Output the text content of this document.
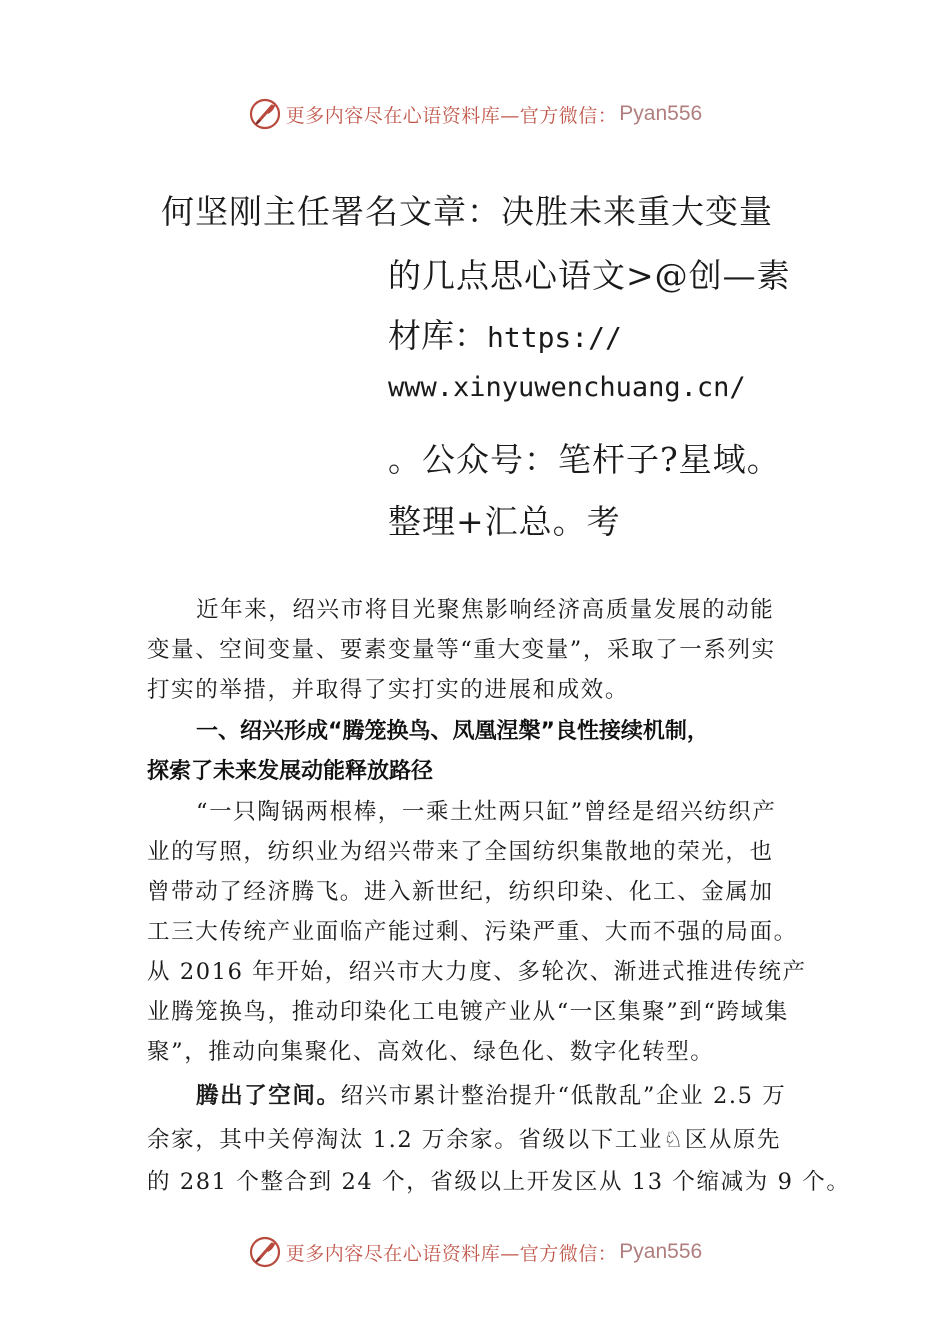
更多内容尽在心语资料库—官方微信： Pyan556
何坚刚主任署名文章：决胜未来重大变量
的几点思心语文>@创—素
材库：https://
www.xinyuwenchuang.cn/
。公众号：笔杆子?星域。
整理+汇总。考
近年来，绍兴市将目光聚焦影响经济高质量发展的动能
变量、空间变量、要素变量等“重大变量”，采取了一系列实
打实的举措，并取得了实打实的进展和成效。
一、绍兴形成“腾笼换鸟、凤凰涅槃”良性接续机制，
探索了未来发展动能释放路径
“一只陶锅两根棒，一乘土灶两只缸”曾经是绍兴纺织产
业的写照，纺织业为绍兴带来了全国纺织集散地的荣光，也
曾带动了经济腾飞。进入新世纪，纺织印染、化工、金属加
工三大传统产业面临产能过剩、污染严重、大而不强的局面。
从 2016 年开始，绍兴市大力度、多轮次、渐进式推进传统产
业腾笼换鸟，推动印染化工电镀产业从“一区集聚”到“跨域集
聚”，推动向集聚化、高效化、绿色化、数字化转型。
腾出了空间。绍兴市累计整治提升“低散乱”企业 2.5 万
余家，其中关停淘汰 1.2 万余家。省级以下工业♘区从原先
的 281 个整合到 24 个，省级以上开发区从 13 个缩减为 9 个。
更多内容尽在心语资料库—官方微信： Pyan556
